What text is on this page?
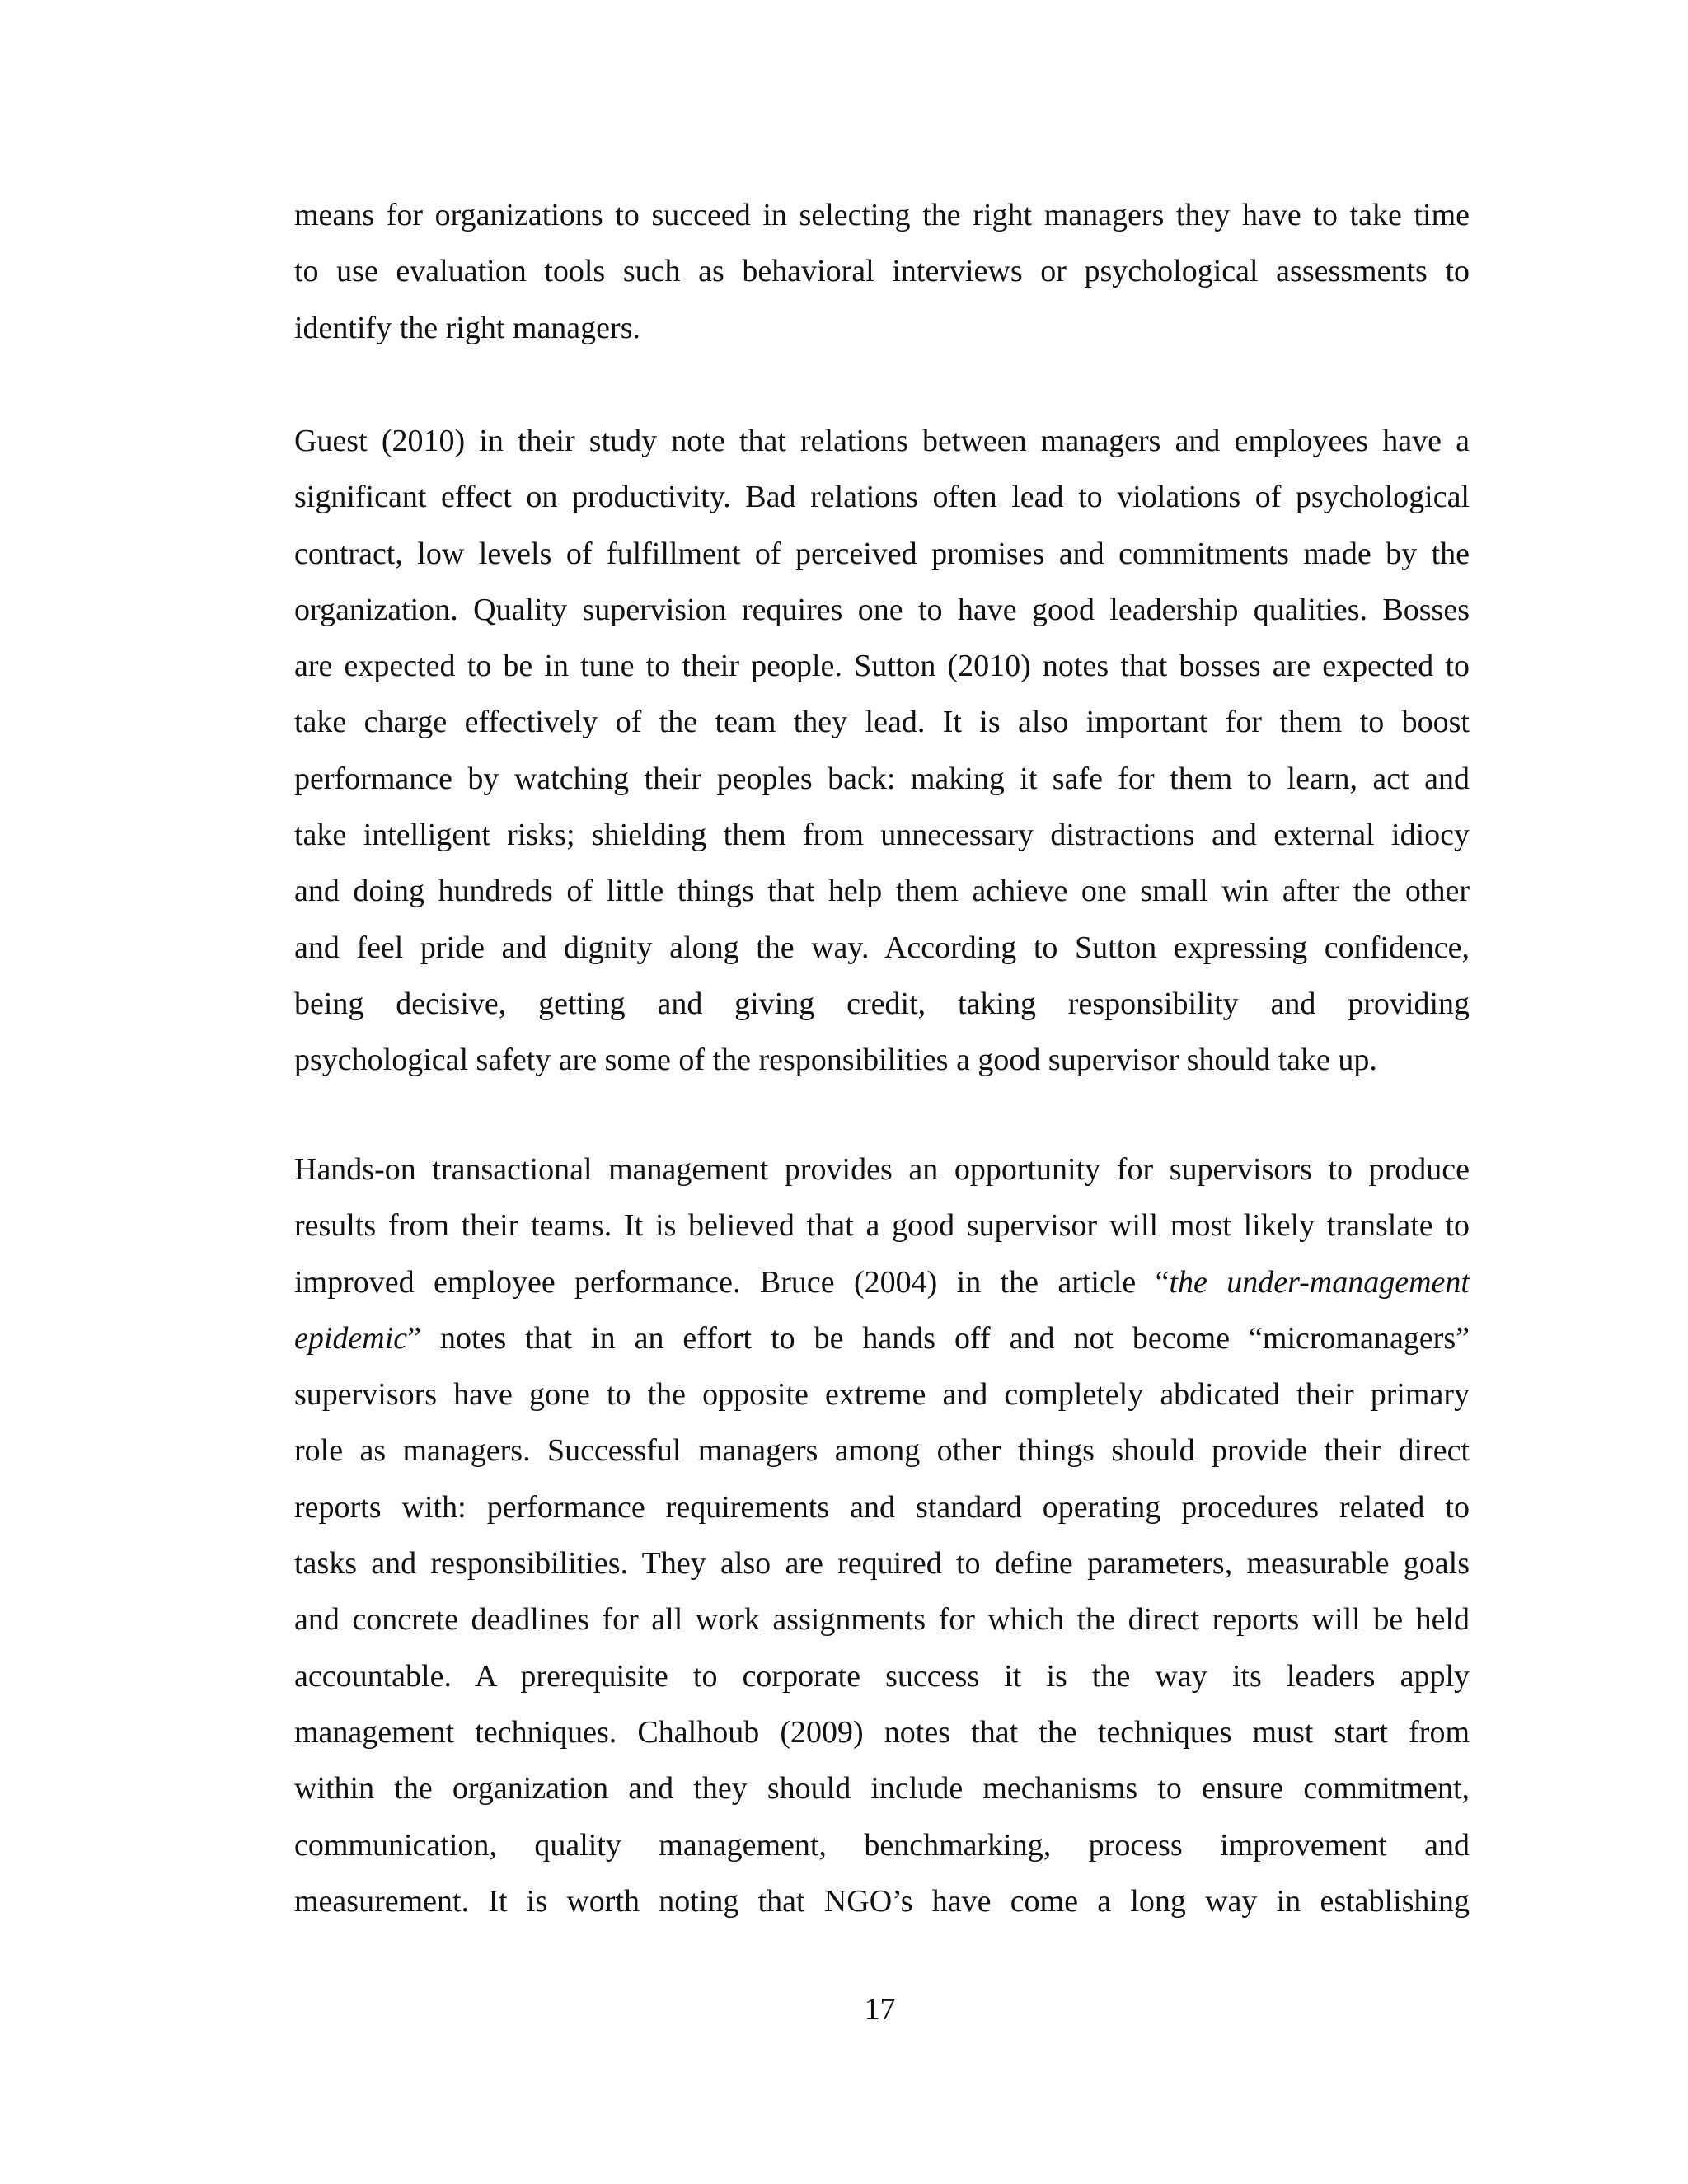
means for organizations to succeed in selecting the right managers they have to take time
to use evaluation tools such as behavioral interviews or psychological assessments to
identify the right managers.
Guest (2010) in their study note that relations between managers and employees have a
significant effect on productivity. Bad relations often lead to violations of psychological
contract, low levels of fulfillment of perceived promises and commitments made by the
organization. Quality supervision requires one to have good leadership qualities. Bosses
are expected to be in tune to their people. Sutton (2010) notes that bosses are expected to
take charge effectively of the team they lead. It is also important for them to boost
performance by watching their peoples back: making it safe for them to learn, act and
take intelligent risks; shielding them from unnecessary distractions and external idiocy
and doing hundreds of little things that help them achieve one small win after the other
and feel pride and dignity along the way. According to Sutton expressing confidence,
being decisive, getting and giving credit, taking responsibility and providing
psychological safety are some of the responsibilities a good supervisor should take up.
Hands-on transactional management provides an opportunity for supervisors to produce
results from their teams. It is believed that a good supervisor will most likely translate to
improved employee performance. Bruce (2004) in the article “the under-management
epidemic” notes that in an effort to be hands off and not become “micromanagers”
supervisors have gone to the opposite extreme and completely abdicated their primary
role as managers. Successful managers among other things should provide their direct
reports with: performance requirements and standard operating procedures related to
tasks and responsibilities. They also are required to define parameters, measurable goals
and concrete deadlines for all work assignments for which the direct reports will be held
accountable. A prerequisite to corporate success it is the way its leaders apply
management techniques. Chalhoub (2009) notes that the techniques must start from
within the organization and they should include mechanisms to ensure commitment,
communication, quality management, benchmarking, process improvement and
measurement. It is worth noting that NGO’s have come a long way in establishing
17
